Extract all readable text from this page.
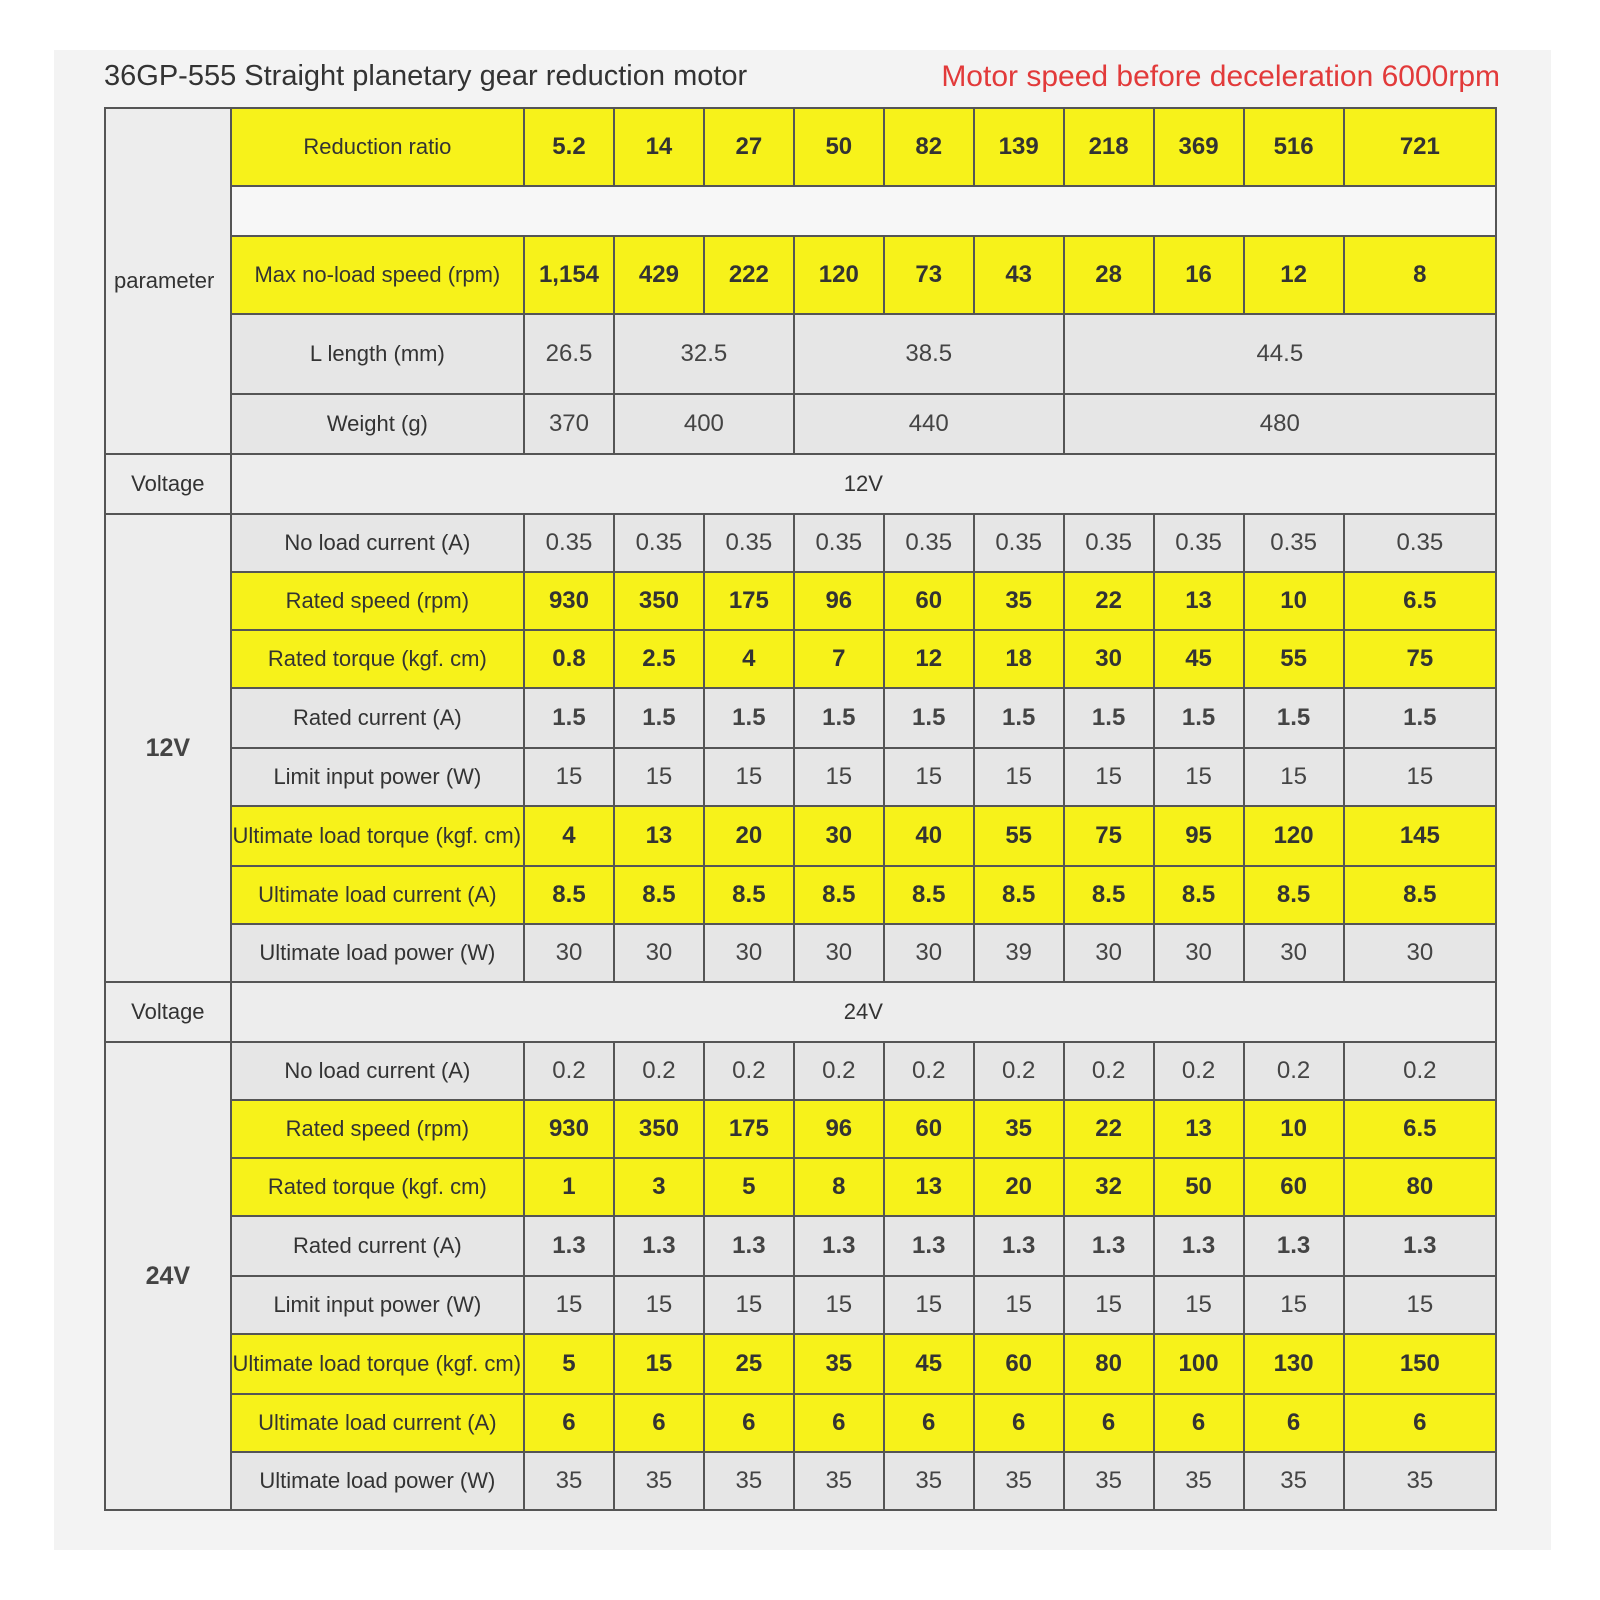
36GP-555 Straight planetary gear reduction motor	Motor speed before deceleration 6000rpm
parameter	Reduction ratio	5.2	14	27	50	82	139	218	369	516	721

	Max no-load speed (rpm)	1,154	429	222	120	73	43	28	16	12	8
	L length (mm)	26.5	32.5		38.5			44.5			
	Weight (g)	370	400		440			480			
Voltage	12V										
12V	No load current (A)	0.35	0.35	0.35	0.35	0.35	0.35	0.35	0.35	0.35	0.35
	Rated speed (rpm)	930	350	175	96	60	35	22	13	10	6.5
	Rated torque (kgf. cm)	0.8	2.5	4	7	12	18	30	45	55	75
	Rated current (A)	1.5	1.5	1.5	1.5	1.5	1.5	1.5	1.5	1.5	1.5
	Limit input power (W)	15	15	15	15	15	15	15	15	15	15
	Ultimate load torque (kgf. cm)	4	13	20	30	40	55	75	95	120	145
	Ultimate load current (A)	8.5	8.5	8.5	8.5	8.5	8.5	8.5	8.5	8.5	8.5
	Ultimate load power (W)	30	30	30	30	30	39	30	30	30	30
Voltage	24V										
24V	No load current (A)	0.2	0.2	0.2	0.2	0.2	0.2	0.2	0.2	0.2	0.2
	Rated speed (rpm)	930	350	175	96	60	35	22	13	10	6.5
	Rated torque (kgf. cm)	1	3	5	8	13	20	32	50	60	80
	Rated current (A)	1.3	1.3	1.3	1.3	1.3	1.3	1.3	1.3	1.3	1.3
	Limit input power (W)	15	15	15	15	15	15	15	15	15	15
	Ultimate load torque (kgf. cm)	5	15	25	35	45	60	80	100	130	150
	Ultimate load current (A)	6	6	6	6	6	6	6	6	6	6
	Ultimate load power (W)	35	35	35	35	35	35	35	35	35	35
